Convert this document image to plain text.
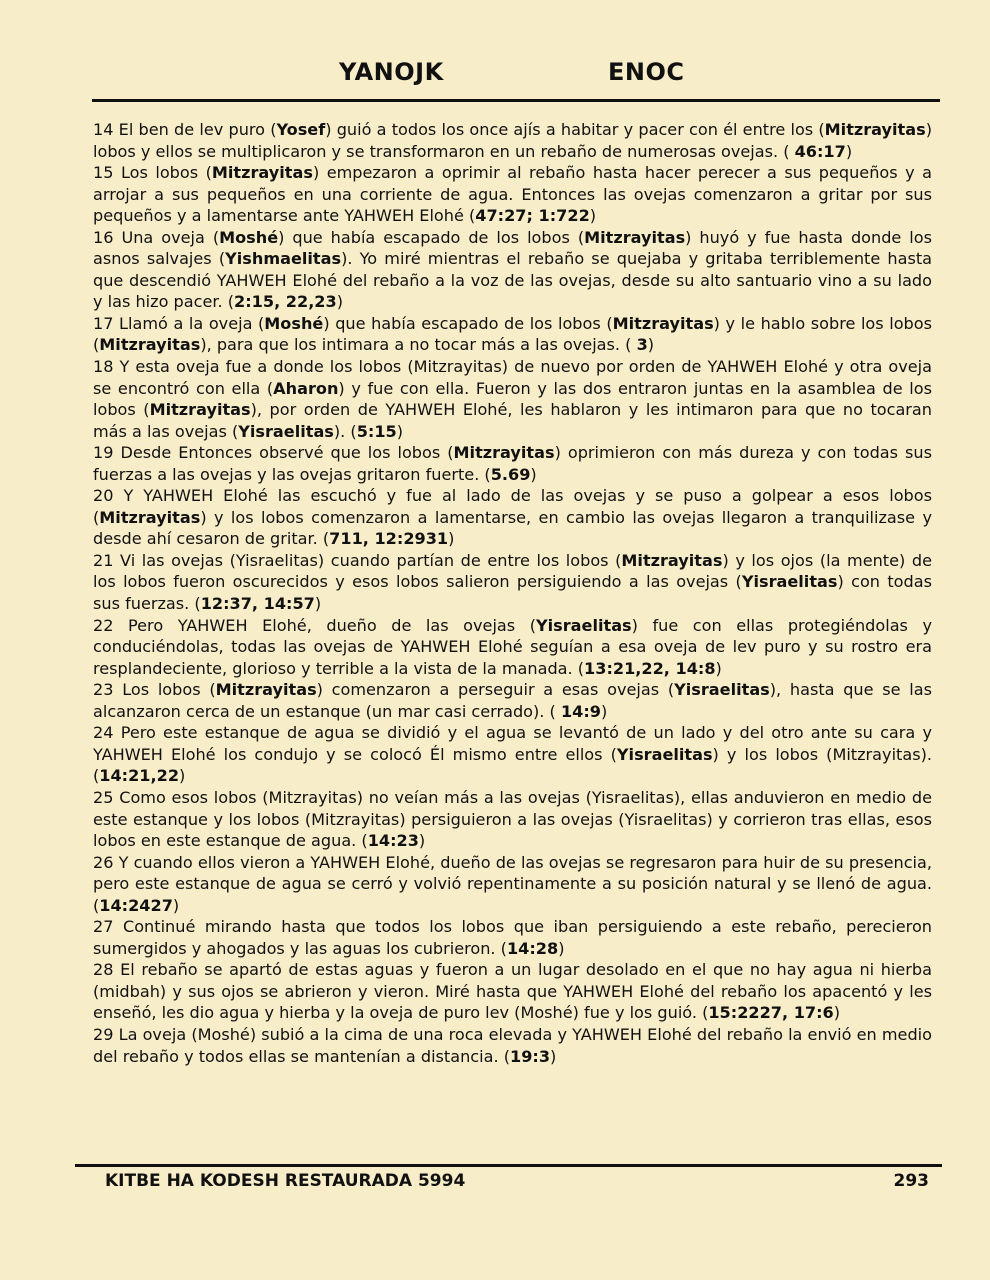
YANOJK	ENOC

14 El ben de lev puro (Yosef) guió a todos los once ajís a habitar y pacer con él entre los (Mitzrayitas) lobos y ellos se multiplicaron y se transformaron en un rebaño de numerosas ovejas. ( 46:17)

15 Los lobos (Mitzrayitas) empezaron a oprimir al rebaño hasta hacer perecer a sus pequeños y a arrojar a sus pequeños en una corriente de agua. Entonces las ovejas comenzaron a gritar por sus pequeños y a lamentarse ante YAHWEH Elohé (47:27; 1:722)

16 Una oveja (Moshé) que había escapado de los lobos (Mitzrayitas) huyó y fue hasta donde los asnos salvajes (Yishmaelitas). Yo miré mientras el rebaño se quejaba y gritaba terriblemente hasta que descendió YAHWEH Elohé del rebaño a la voz de las ovejas, desde su alto santuario vino a su lado y las hizo pacer. (2:15, 22,23)

17 Llamó a la oveja (Moshé) que había escapado de los lobos (Mitzrayitas) y le hablo sobre los lobos (Mitzrayitas), para que los intimara a no tocar más a las ovejas. ( 3)

18 Y esta oveja fue a donde los lobos (Mitzrayitas) de nuevo por orden de YAHWEH Elohé y otra oveja se encontró con ella (Aharon) y fue con ella. Fueron y las dos entraron juntas en la asamblea de los lobos (Mitzrayitas), por orden de YAHWEH Elohé, les hablaron y les intimaron para que no tocaran más a las ovejas (Yisraelitas). (5:15)

19 Desde Entonces observé que los lobos (Mitzrayitas) oprimieron con más dureza y con todas sus fuerzas a las ovejas y las ovejas gritaron fuerte. (5.69)

20 Y YAHWEH Elohé las escuchó y fue al lado de las ovejas y se puso a golpear a esos lobos (Mitzrayitas) y los lobos comenzaron a lamentarse, en cambio las ovejas llegaron a tranquilizase y desde ahí cesaron de gritar. (711, 12:2931)

21 Vi las ovejas (Yisraelitas) cuando partían de entre los lobos (Mitzrayitas) y los ojos (la mente) de los lobos fueron oscurecidos y esos lobos salieron persiguiendo a las ovejas (Yisraelitas) con todas sus fuerzas. (12:37, 14:57)

22 Pero YAHWEH Elohé, dueño de las ovejas (Yisraelitas) fue con ellas protegiéndolas y conduciéndolas, todas las ovejas de YAHWEH Elohé seguían a esa oveja de lev puro y su rostro era resplandeciente, glorioso y terrible a la vista de la manada. (13:21,22, 14:8)

23 Los lobos (Mitzrayitas) comenzaron a perseguir a esas ovejas (Yisraelitas), hasta que se las alcanzaron cerca de un estanque (un mar casi cerrado). ( 14:9)

24 Pero este estanque de agua se dividió y el agua se levantó de un lado y del otro ante su cara y YAHWEH Elohé los condujo y se colocó Él mismo entre ellos (Yisraelitas) y los lobos (Mitzrayitas). (14:21,22)

25 Como esos lobos (Mitzrayitas) no veían más a las ovejas (Yisraelitas), ellas anduvieron en medio de este estanque y los lobos (Mitzrayitas) persiguieron a las ovejas (Yisraelitas) y corrieron tras ellas, esos lobos en este estanque de agua. (14:23)

26 Y cuando ellos vieron a YAHWEH Elohé, dueño de las ovejas se regresaron para huir de su presencia, pero este estanque de agua se cerró y volvió repentinamente a su posición natural y se llenó de agua. (14:2427)

27 Continué mirando hasta que todos los lobos que iban persiguiendo a este rebaño, perecieron sumergidos y ahogados y las aguas los cubrieron. (14:28)

28 El rebaño se apartó de estas aguas y fueron a un lugar desolado en el que no hay agua ni hierba (midbah) y sus ojos se abrieron y vieron. Miré hasta que YAHWEH Elohé del rebaño los apacentó y les enseñó, les dio agua y hierba y la oveja de puro lev (Moshé) fue y los guió. (15:2227, 17:6)

29 La oveja (Moshé) subió a la cima de una roca elevada y YAHWEH Elohé del rebaño la envió en medio del rebaño y todos ellas se mantenían a distancia. (19:3)

KITBE HA KODESH RESTAURADA 5994	293
